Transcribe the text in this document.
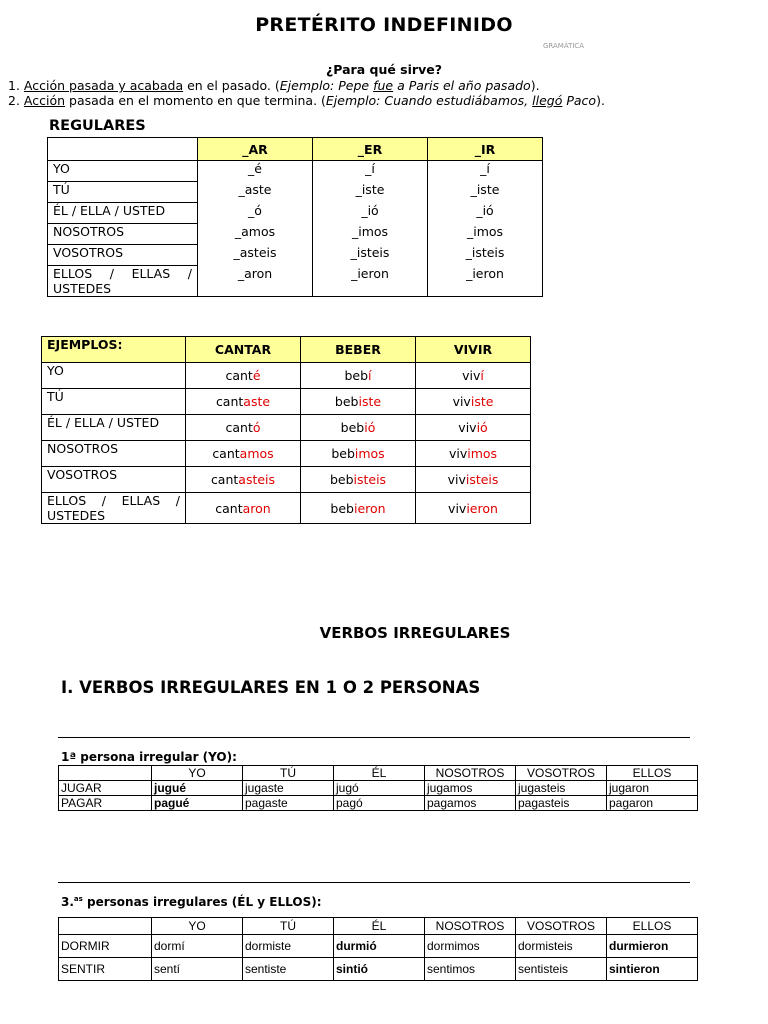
PRETÉRITO INDEFINIDO
GRAMÁTICA
¿Para qué sirve?
1. Acción pasada y acabada en el pasado. (Ejemplo: Pepe fue a Paris el año pasado).
2. Acción pasada en el momento en que termina. (Ejemplo: Cuando estudiábamos, llegó Paco).
REGULARES
	_AR	_ER	_IR
YO	_é	_í	_í
TÚ	_aste	_iste	_iste
ÉL / ELLA / USTED	_ó	_ió	_ió
NOSOTROS	_amos	_imos	_imos
VOSOTROS	_asteis	_isteis	_isteis

ELLOS / ELLAS /
USTEDES	_aron	_ieron	_ieron
EJEMPLOS:	CANTAR	BEBER	VIVIR
YO	canté	bebí	viví
TÚ	cantaste	bebiste	viviste
ÉL / ELLA / USTED	cantó	bebió	vivió
NOSOTROS	cantamos	bebimos	vivimos
VOSOTROS	cantasteis	bebisteis	vivisteis

ELLOS / ELLAS /
USTEDES	cantaron	bebieron	vivieron
VERBOS IRREGULARES
I. VERBOS IRREGULARES EN 1 O 2 PERSONAS
1ª persona irregular (YO):
	YO	TÚ	ÉL	NOSOTROS	VOSOTROS	ELLOS
JUGAR	jugué	jugaste	jugó	jugamos	jugasteis	jugaron
PAGAR	pagué	pagaste	pagó	pagamos	pagasteis	pagaron
3.$^{as}$ personas irregulares (ÉL y ELLOS):
	YO	TÚ	ÉL	NOSOTROS	VOSOTROS	ELLOS
DORMIR	dormí	dormiste	durmió	dormimos	dormisteis	durmieron
SENTIR	sentí	sentiste	sintió	sentimos	sentisteis	sintieron
